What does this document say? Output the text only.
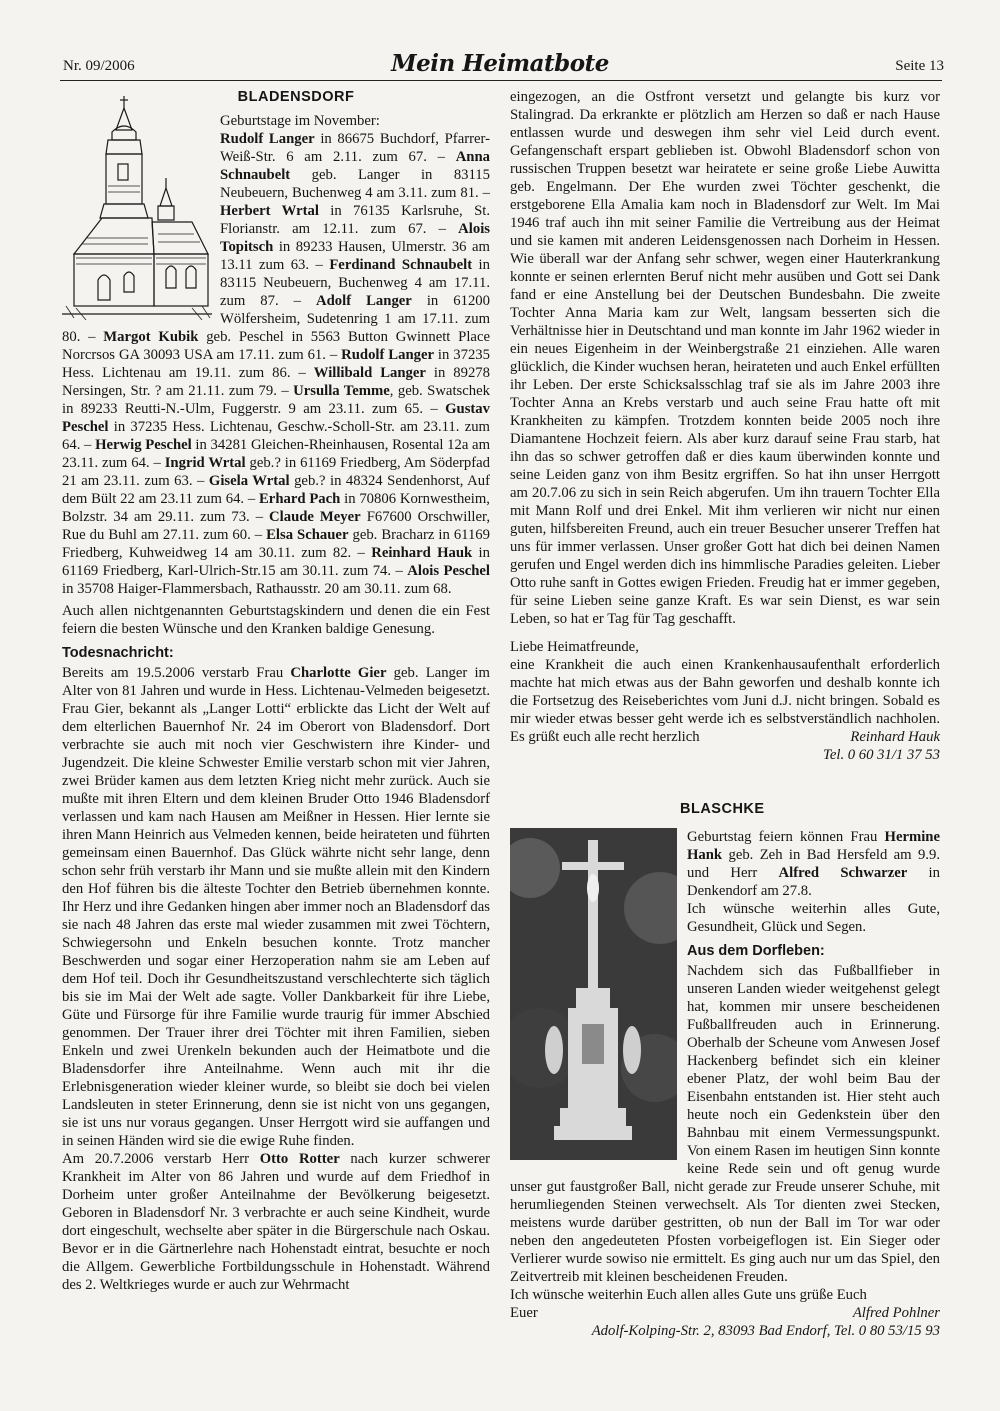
Nr. 09/2006	Mein Heimatbote	Seite 13
BLADENSDORF

Geburtstage im November:
Rudolf Langer in 86675 Buchdorf, Pfarrer-Weiß-Str. 6 am 2.11. zum 67. – Anna Schnaubelt geb. Langer in 83115 Neubeuern, Buchenweg 4 am 3.11. zum 81. – Herbert Wrtal in 76135 Karlsruhe, St. Florianstr. am 12.11. zum 67. – Alois Topitsch in 89233 Hausen, Ulmerstr. 36 am 13.11 zum 63. – Ferdinand Schnaubelt in 83115 Neubeuern, Buchenweg 4 am 17.11. zum 87. – Adolf Langer in 61200 Wölfersheim, Sudetenring 1 am 17.11. zum 80. – Margot Kubik geb. Peschel in 5563 Button Gwinnett Place Norcrsos GA 30093 USA am 17.11. zum 61. – Rudolf Langer in 37235 Hess. Lichtenau am 19.11. zum 86. – Willibald Langer in 89278 Nersingen, Str. ? am 21.11. zum 79. – Ursulla Temme, geb. Swatschek in 89233 Reutti-N.-Ulm, Fuggerstr. 9 am 23.11. zum 65. – Gustav Peschel in 37235 Hess. Lichtenau, Geschw.-Scholl-Str. am 23.11. zum 64. – Herwig Peschel in 34281 Gleichen-Rheinhausen, Rosental 12a am 23.11. zum 64. – Ingrid Wrtal geb.? in 61169 Friedberg, Am Söderpfad 21 am 23.11. zum 63. – Gisela Wrtal geb.? in 48324 Sendenhorst, Auf dem Bült 22 am 23.11 zum 64. – Erhard Pach in 70806 Kornwestheim, Bolzstr. 34 am 29.11. zum 73. – Claude Meyer F67600 Orschwiller, Rue du Buhl am 27.11. zum 60. – Elsa Schauer geb. Bracharz in 61169 Friedberg, Kuhweidweg 14 am 30.11. zum 82. – Reinhard Hauk in 61169 Friedberg, Karl-Ulrich-Str.15 am 30.11. zum 74. – Alois Peschel in 35708 Haiger-Flammersbach, Rathausstr. 20 am 30.11. zum 68.

Auch allen nichtgenannten Geburtstagskindern und denen die ein Fest feiern die besten Wünsche und den Kranken baldige Genesung.

Todesnachricht:

Bereits am 19.5.2006 verstarb Frau Charlotte Gier geb. Langer im Alter von 81 Jahren und wurde in Hess. Lichtenau-Velmeden beigesetzt. Frau Gier, bekannt als „Langer Lotti“ erblickte das Licht der Welt auf dem elterlichen Bauernhof Nr. 24 im Oberort von Bladensdorf. Dort verbrachte sie auch mit noch vier Geschwistern ihre Kinder- und Jugendzeit. Die kleine Schwester Emilie verstarb schon mit vier Jahren, zwei Brüder kamen aus dem letzten Krieg nicht mehr zurück. Auch sie mußte mit ihren Eltern und dem kleinen Bruder Otto 1946 Bladensdorf verlassen und kam nach Hausen am Meißner in Hessen. Hier lernte sie ihren Mann Heinrich aus Velmeden kennen, beide heirateten und führten gemeinsam einen Bauernhof. Das Glück währte nicht sehr lange, denn schon sehr früh verstarb ihr Mann und sie mußte allein mit den Kindern den Hof führen bis die älteste Tochter den Betrieb übernehmen konnte. Ihr Herz und ihre Gedanken hingen aber immer noch an Bladensdorf das sie nach 48 Jahren das erste mal wieder zusammen mit zwei Töchtern, Schwiegersohn und Enkeln besuchen konnte. Trotz mancher Beschwerden und sogar einer Herzoperation nahm sie am Leben auf dem Hof teil. Doch ihr Gesundheitszustand verschlechterte sich täglich bis sie im Mai der Welt ade sagte. Voller Dankbarkeit für ihre Liebe, Güte und Fürsorge für ihre Familie wurde traurig für immer Abschied genommen. Der Trauer ihrer drei Töchter mit ihren Familien, sieben Enkeln und zwei Urenkeln bekunden auch der Heimatbote und die Bladensdorfer ihre Anteilnahme. Wenn auch mit ihr die Erlebnisgeneration wieder kleiner wurde, so bleibt sie doch bei vielen Landsleuten in steter Erinnerung, denn sie ist nicht von uns gegangen, sie ist uns nur voraus gegangen. Unser Herrgott wird sie auffangen und in seinen Händen wird sie die ewige Ruhe finden.

Am 20.7.2006 verstarb Herr Otto Rotter nach kurzer schwerer Krankheit im Alter von 86 Jahren und wurde auf dem Friedhof in Dorheim unter großer Anteilnahme der Bevölkerung beigesetzt. Geboren in Bladensdorf Nr. 3 verbrachte er auch seine Kindheit, wurde dort eingeschult, wechselte aber später in die Bürgerschule nach Oskau. Bevor er in die Gärtnerlehre nach Hohenstadt eintrat, besuchte er noch die Allgem. Gewerbliche Fortbildungsschule in Hohenstadt. Während des 2. Weltkrieges wurde er auch zur Wehrmacht

eingezogen, an die Ostfront versetzt und gelangte bis kurz vor Stalingrad. Da erkrankte er plötzlich am Herzen so daß er nach Hause entlassen wurde und deswegen ihm sehr viel Leid durch event. Gefangenschaft erspart geblieben ist. Obwohl Bladensdorf schon von russischen Truppen besetzt war heiratete er seine große Liebe Auwitta geb. Engelmann. Der Ehe wurden zwei Töchter geschenkt, die erstgeborene Ella Amalia kam noch in Bladensdorf zur Welt. Im Mai 1946 traf auch ihn mit seiner Familie die Vertreibung aus der Heimat und sie kamen mit anderen Leidensgenossen nach Dorheim in Hessen. Wie überall war der Anfang sehr schwer, wegen einer Hauterkrankung konnte er seinen erlernten Beruf nicht mehr ausüben und Gott sei Dank fand er eine Anstellung bei der Deutschen Bundesbahn. Die zweite Tochter Anna Maria kam zur Welt, langsam besserten sich die Verhältnisse hier in Deutschtand und man konnte im Jahr 1962 wieder in ein neues Eigenheim in der Weinbergstraße 21 einziehen. Alle waren glücklich, die Kinder wuchsen heran, heirateten und auch Enkel erfüllten ihr Leben. Der erste Schicksalsschlag traf sie als im Jahre 2003 ihre Tochter Anna an Krebs verstarb und auch seine Frau hatte oft mit Krankheiten zu kämpfen. Trotzdem konnten beide 2005 noch ihre Diamantene Hochzeit feiern. Als aber kurz darauf seine Frau starb, hat ihn das so schwer getroffen daß er dies kaum überwinden konnte und seine Leiden ganz von ihm Besitz ergriffen. So hat ihn unser Herrgott am 20.7.06 zu sich in sein Reich abgerufen. Um ihn trauern Tochter Ella mit Mann Rolf und drei Enkel. Mit ihm verlieren wir nicht nur einen guten, hilfsbereiten Freund, auch ein treuer Besucher unserer Treffen hat uns für immer verlassen. Unser großer Gott hat dich bei deinen Namen gerufen und Engel werden dich ins himmlische Paradies geleiten. Lieber Otto ruhe sanft in Gottes ewigen Frieden. Freudig hat er immer gegeben, für seine Lieben seine ganze Kraft. Es war sein Dienst, es war sein Leben, so hat er Tag für Tag geschafft.

Liebe Heimatfreunde,

eine Krankheit die auch einen Krankenhausaufenthalt erforderlich machte hat mich etwas aus der Bahn geworfen und deshalb konnte ich die Fortsetzug des Reiseberichtes vom Juni d.J. nicht bringen. Sobald es mir wieder etwas besser geht werde ich es selbstverständlich nachholen. Es grüßt euch alle recht herzlich	Reinhard Hauk

Tel. 0 60 31/1 37 53
BLASCHKE

Geburtstag feiern können Frau Hermine Hank geb. Zeh in Bad Hersfeld am 9.9. und Herr Alfred Schwarzer in Denkendorf am 27.8.

Ich wünsche weiterhin alles Gute, Gesundheit, Glück und Segen.

Aus dem Dorfleben:

Nachdem sich das Fußballfieber in unseren Landen wieder weitgehenst gelegt hat, kommen mir unsere bescheidenen Fußballfreuden auch in Erinnerung. Oberhalb der Scheune vom Anwesen Josef Hackenberg befindet sich ein kleiner ebener Platz, der wohl beim Bau der Eisenbahn entstanden ist. Hier steht auch heute noch ein Gedenkstein über den Bahnbau mit einem Vermessungspunkt. Von einem Rasen im heutigen Sinn konnte keine Rede sein und oft genug wurde unser gut faustgroßer Ball, nicht gerade zur Freude unserer Schuhe, mit herumliegenden Steinen verwechselt. Als Tor dienten zwei Stecken, meistens wurde darüber gestritten, ob nun der Ball im Tor war oder neben den angedeuteten Pfosten vorbeigeflogen ist. Ein Sieger oder Verlierer wurde sowiso nie ermittelt. Es ging auch nur um das Spiel, den Zeitvertreib mit kleinen bescheidenen Freuden.

Ich wünsche weiterhin Euch allen alles Gute uns grüße Euch

Euer	Alfred Pohlner
Adolf-Kolping-Str. 2, 83093 Bad Endorf, Tel. 0 80 53/15 93
